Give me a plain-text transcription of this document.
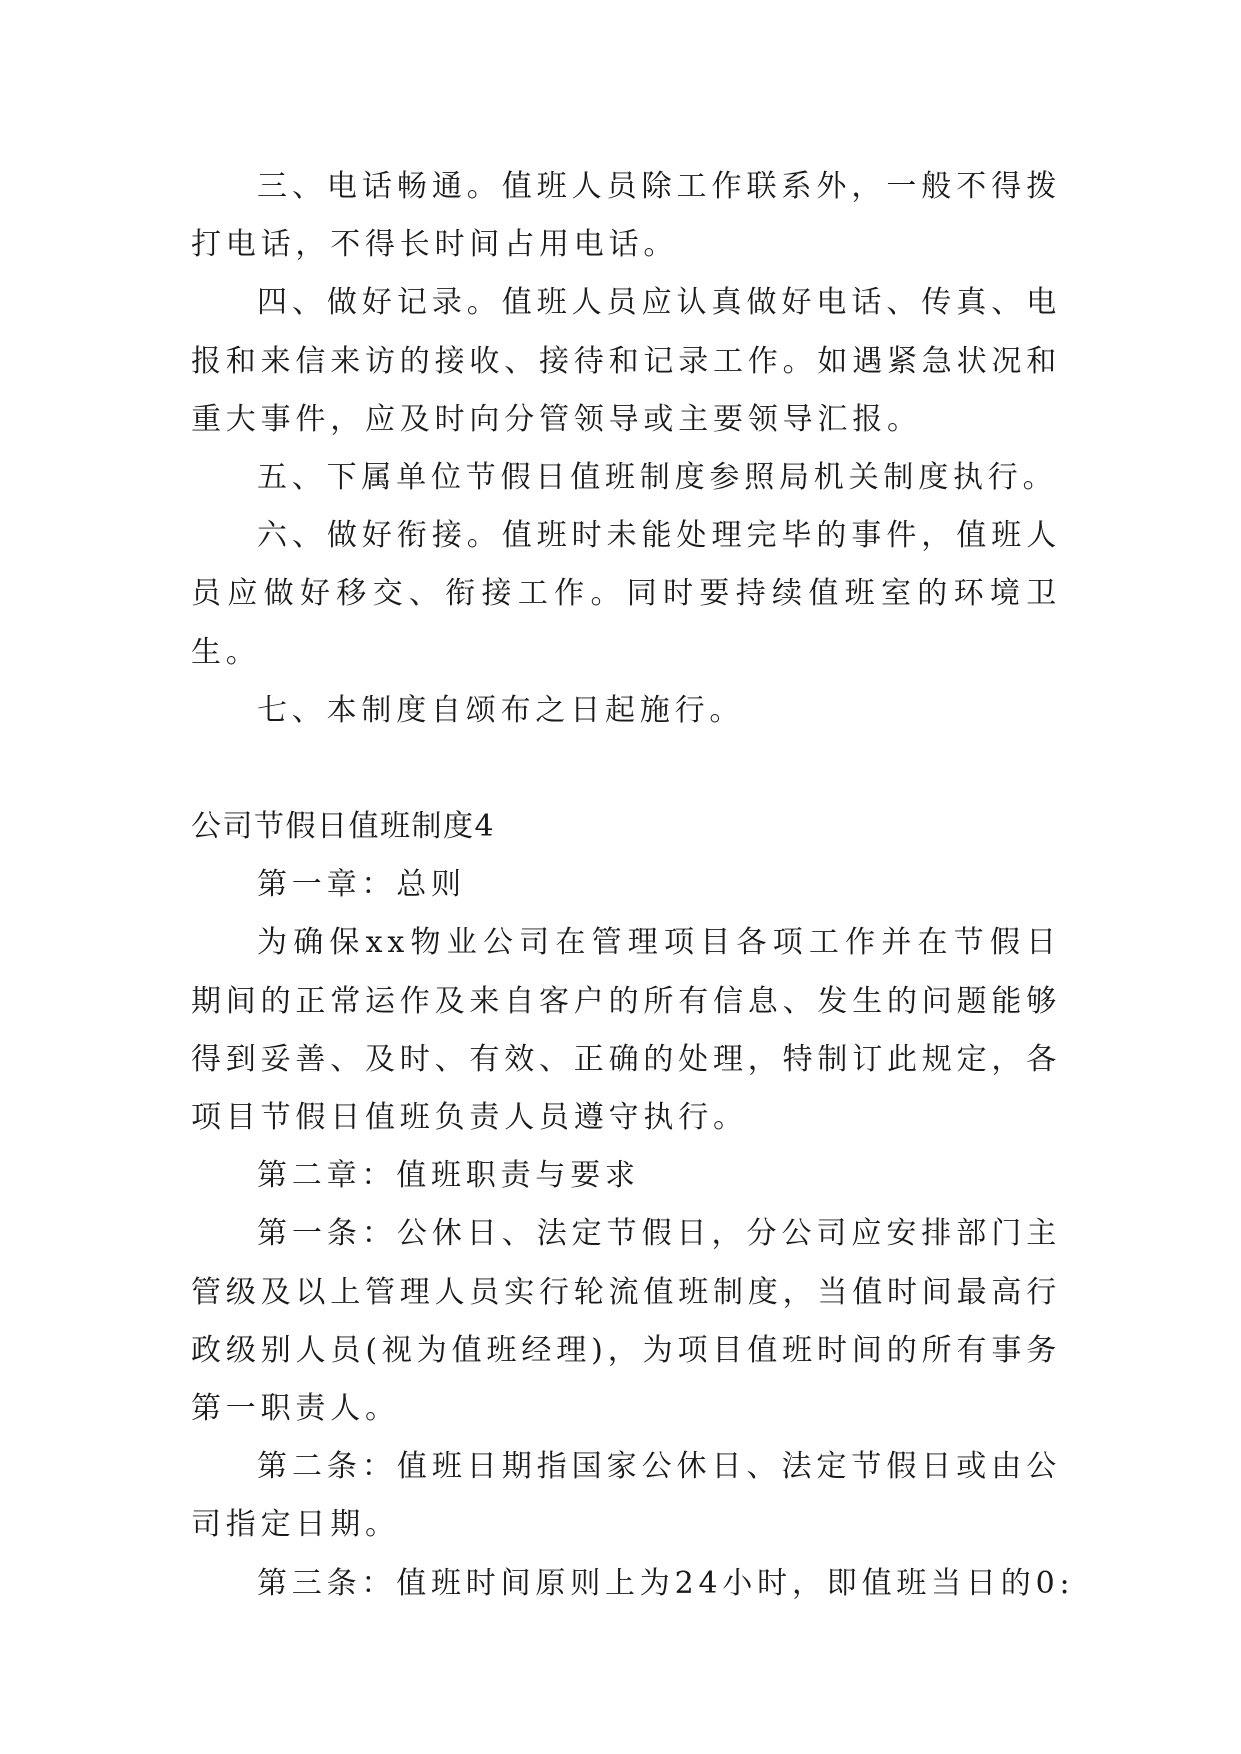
三、电话畅通。值班人员除工作联系外，一般不得拨打电话，不得长时间占用电话。

四、做好记录。值班人员应认真做好电话、传真、电报和来信来访的接收、接待和记录工作。如遇紧急状况和重大事件，应及时向分管领导或主要领导汇报。

五、下属单位节假日值班制度参照局机关制度执行。

六、做好衔接。值班时未能处理完毕的事件，值班人员应做好移交、衔接工作。同时要持续值班室的环境卫生。

七、本制度自颂布之日起施行。

公司节假日值班制度4

第一章：总则

为确保xx物业公司在管理项目各项工作并在节假日期间的正常运作及来自客户的所有信息、发生的问题能够得到妥善、及时、有效、正确的处理，特制订此规定，各项目节假日值班负责人员遵守执行。

第二章：值班职责与要求

第一条：公休日、法定节假日，分公司应安排部门主管级及以上管理人员实行轮流值班制度，当值时间最高行政级别人员(视为值班经理)，为项目值班时间的所有事务第一职责人。

第二条：值班日期指国家公休日、法定节假日或由公司指定日期。

第三条：值班时间原则上为24小时，即值班当日的0:
